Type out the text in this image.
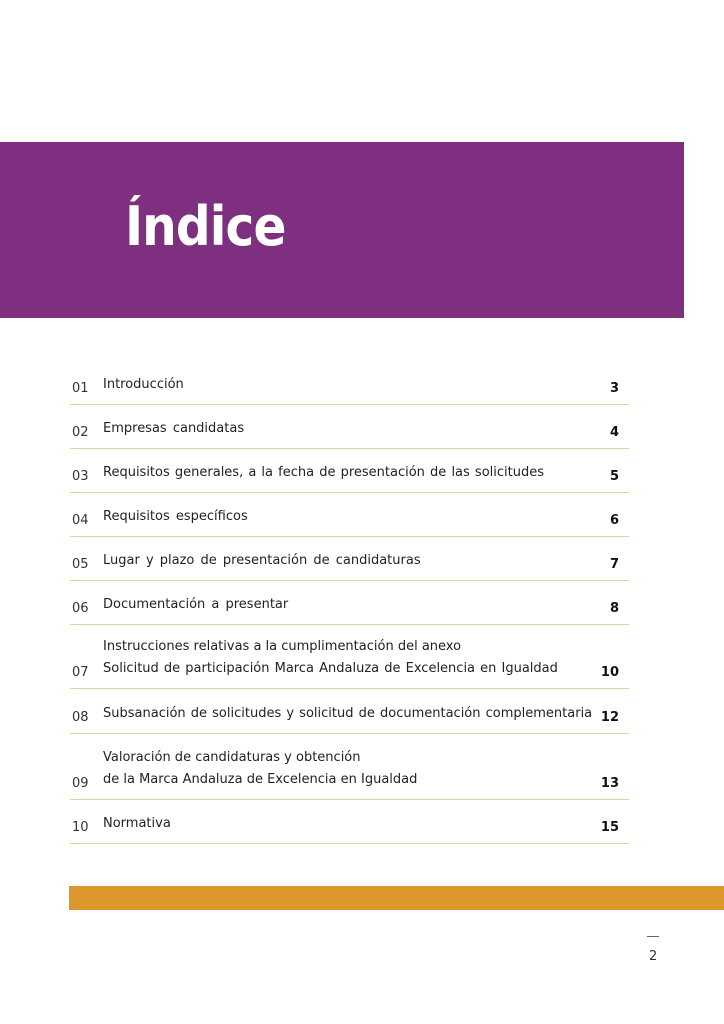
Índice
01 Introducción	3
02 Empresas candidatas	4
03 Requisitos generales, a la fecha de presentación de las solicitudes	5
04 Requisitos específicos	6
05 Lugar y plazo de presentación de candidaturas	7
06 Documentación a presentar	8
07
Instrucciones relativas a la cumplimentación del anexo
Solicitud de participación Marca Andaluza de Excelencia en Igualdad	10
08 Subsanación de solicitudes y solicitud de documentación complementaria 12
09
Valoración de candidaturas y obtención
de la Marca Andaluza de Excelencia en Igualdad	13
10 Normativa	15
2
